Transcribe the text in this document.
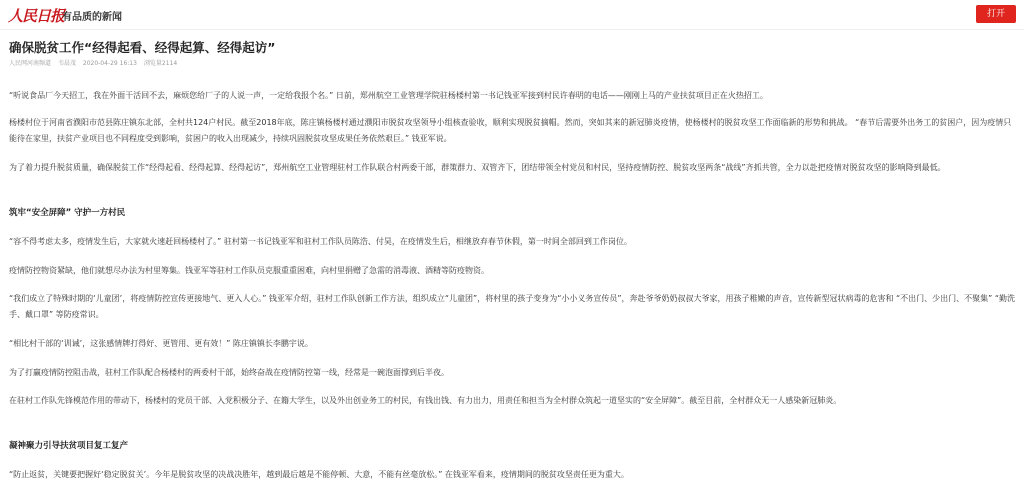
人民日报
有品质的新闻	打开
确保脱贫工作“经得起看、经得起算、经得起访”
人民网河南频道 韦晨茂 2020-04-29 16:13 浏览量2114

“听说食品厂今天招工，我在外面干活回不去，麻烦您给厂子的人说一声，一定给我报个名。” 日前，郑州航空工业管理学院驻杨楼村第一书记钱亚军接到村民许春明的电话——刚刚上马的产业扶贫项目正在火热招工。

杨楼村位于河南省濮阳市范县陈庄镇东北部，全村共124户村民。截至2018年底，陈庄镇杨楼村通过濮阳市脱贫攻坚领导小组核查验收，顺利实现脱贫摘帽。然而，突如其来的新冠肺炎疫情，使杨楼村的脱贫攻坚工作面临新的形势和挑战。 “春节后需要外出务工的贫困户，因为疫情只能待在家里，扶贫产业项目也不同程度受到影响，贫困户的收入出现减少，持续巩固脱贫攻坚成果任务依然艰巨。” 钱亚军说。

为了着力提升脱贫质量，确保脱贫工作“经得起看、经得起算、经得起访”，郑州航空工业管理驻村工作队联合村两委干部，群策群力、双管齐下，团结带领全村党员和村民，坚持疫情防控、脱贫攻坚两条“战线”齐抓共管，全力以赴把疫情对脱贫攻坚的影响降到最低。

筑牢“安全屏障” 守护一方村民

“容不得考虑太多，疫情发生后，大家就火速赶回杨楼村了。” 驻村第一书记钱亚军和驻村工作队员陈浩、付昊，在疫情发生后，相继放弃春节休假，第一时间全部回到工作岗位。

疫情防控物资紧缺，他们就想尽办法为村里筹集。钱亚军等驻村工作队员克服重重困难，向村里捐赠了急需的消毒液、酒精等防疫物资。

“我们成立了特殊时期的‘儿童团’，将疫情防控宣传更接地气、更入人心。” 钱亚军介绍，驻村工作队创新工作方法，组织成立“儿童团”，将村里的孩子变身为“小小义务宣传员”，奔赴爷爷奶奶叔叔大爷家，用孩子稚嫩的声音，宣传新型冠状病毒的危害和 “不出门、少出门、不聚集” “勤洗手、戴口罩” 等防疫常识。

“相比村干部的‘训诫’，这张感情牌打得好、更管用、更有效！” 陈庄镇镇长李鹏宇说。

为了打赢疫情防控阻击战，驻村工作队配合杨楼村的两委村干部，始终奋战在疫情防控第一线，经常是一碗泡面撑到后半夜。

在驻村工作队先锋模范作用的带动下，杨楼村的党员干部、入党积极分子、在籍大学生，以及外出创业务工的村民，有钱出钱、有力出力，用责任和担当为全村群众筑起一道坚实的“安全屏障”。截至目前，全村群众无一人感染新冠肺炎。

凝神聚力引导扶贫项目复工复产

“防止返贫，关键要把握好‘稳定脱贫关’。今年是脱贫攻坚的决战决胜年，越到最后越是不能停顿、大意，不能有丝毫放松。” 在钱亚军看来，疫情期间的脱贫攻坚责任更为重大。
